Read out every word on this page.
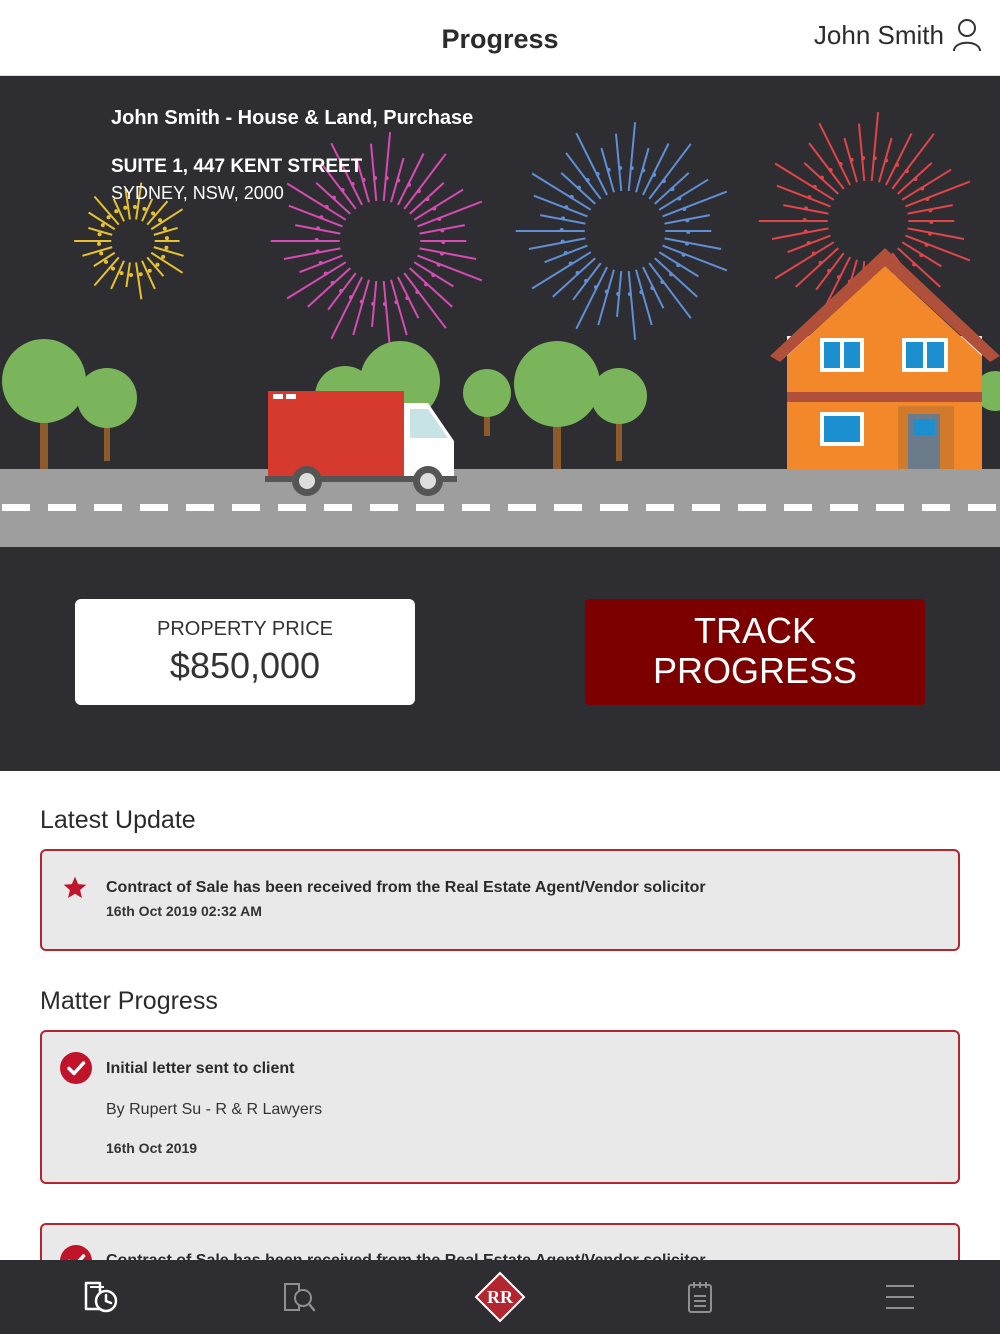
Progress	John Smith
John Smith - House & Land, Purchase
SUITE 1, 447 KENT STREET
SYDNEY, NSW, 2000
PROPERTY PRICE
$850,000
TRACK
PROGRESS
Latest Update
Contract of Sale has been received from the Real Estate Agent/Vendor solicitor
16th Oct 2019 02:32 AM
Matter Progress
Initial letter sent to client
By Rupert Su - R & R Lawyers
16th Oct 2019
RR
